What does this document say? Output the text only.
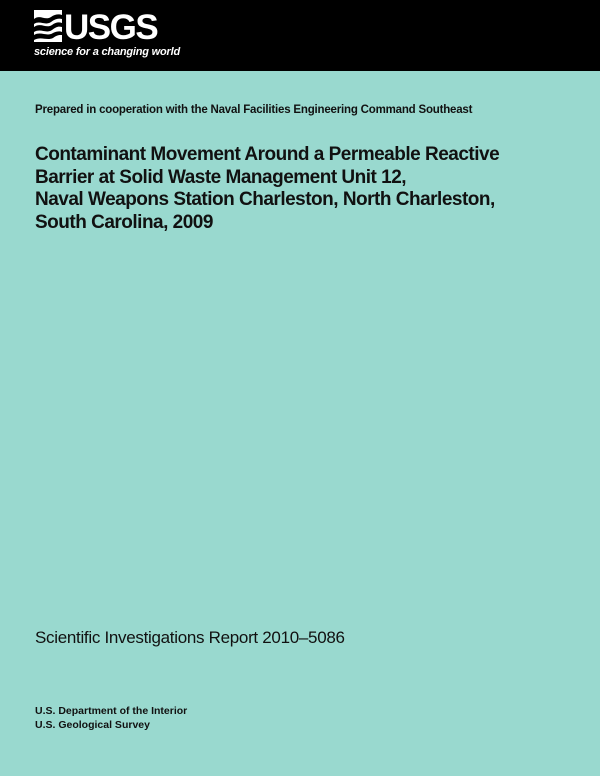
USGS
science for a changing world
Prepared in cooperation with the Naval Facilities Engineering Command Southeast
Contaminant Movement Around a Permeable Reactive
Barrier at Solid Waste Management Unit 12,
Naval Weapons Station Charleston, North Charleston,
South Carolina, 2009
Scientific Investigations Report 2010–5086
U.S. Department of the Interior
U.S. Geological Survey
